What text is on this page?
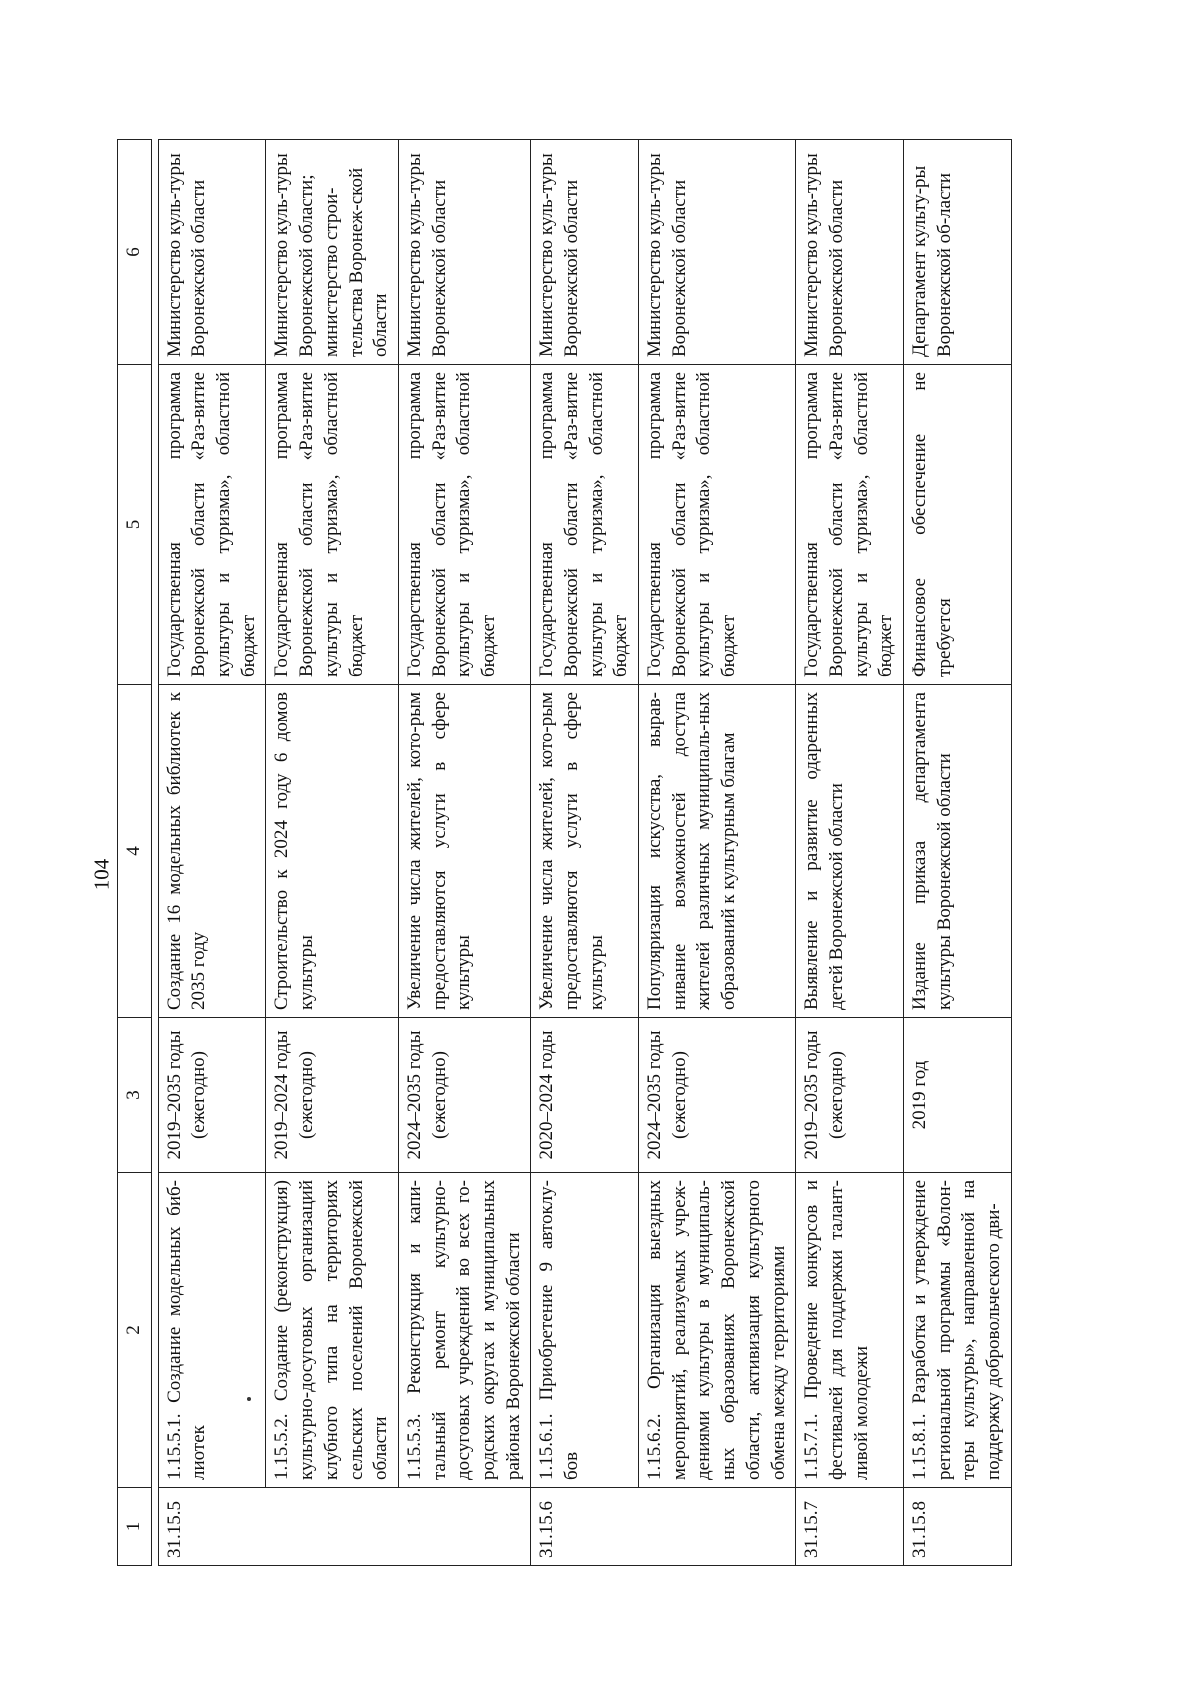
104
1	2	3	4	5	6

31.15.5	1.15.5.1. Создание модельных биб-лиотек	2019–2035 годы (ежегодно)	Создание 16 модельных библиотек к 2035 году	Государственная программа Воронежской области «Раз-витие культуры и туризма», областной бюджет	Министерство куль-туры Воронежской области
	1.15.5.2. Создание (реконструкция) культурно-досуговых организаций клубного типа на территориях сельских поселений Воронежской области	2019–2024 годы (ежегодно)	Строительство к 2024 году 6 домов культуры	Государственная программа Воронежской области «Раз-витие культуры и туризма», областной бюджет	Министерство куль-туры Воронежской области; министерство строи-тельства Воронеж-ской области
	1.15.5.3. Реконструкция и капи-тальный ремонт культурно-досуговых учреждений во всех го-родских округах и муниципальных районах Воронежской области	2024–2035 годы (ежегодно)	Увеличение числа жителей, кото-рым предоставляются услуги в сфере культуры	Государственная программа Воронежской области «Раз-витие культуры и туризма», областной бюджет	Министерство куль-туры Воронежской области
31.15.6	1.15.6.1. Приобретение 9 автоклу-бов	2020–2024 годы	Увеличение числа жителей, кото-рым предоставляются услуги в сфере культуры	Государственная программа Воронежской области «Раз-витие культуры и туризма», областной бюджет	Министерство куль-туры Воронежской области
	1.15.6.2. Организация выездных мероприятий, реализуемых учреж-дениями культуры в муниципаль-ных образованиях Воронежской области, активизация культурного обмена между территориями	2024–2035 годы (ежегодно)	Популяризация искусства, вырав-нивание возможностей доступа жителей различных муниципаль-ных образований к культурным благам	Государственная программа Воронежской области «Раз-витие культуры и туризма», областной бюджет	Министерство куль-туры Воронежской области
31.15.7	1.15.7.1. Проведение конкурсов и фестивалей для поддержки талант-ливой молодежи	2019–2035 годы (ежегодно)	Выявление и развитие одаренных детей Воронежской области	Государственная программа Воронежской области «Раз-витие культуры и туризма», областной бюджет	Министерство куль-туры Воронежской области
31.15.8	1.15.8.1. Разработка и утверждение региональной программы «Волон-теры культуры», направленной на поддержку добровольческого дви-	2019 год	Издание приказа департамента культуры Воронежской области	Финансовое обеспечение не требуется	Департамент культу-ры Воронежской об-ласти
